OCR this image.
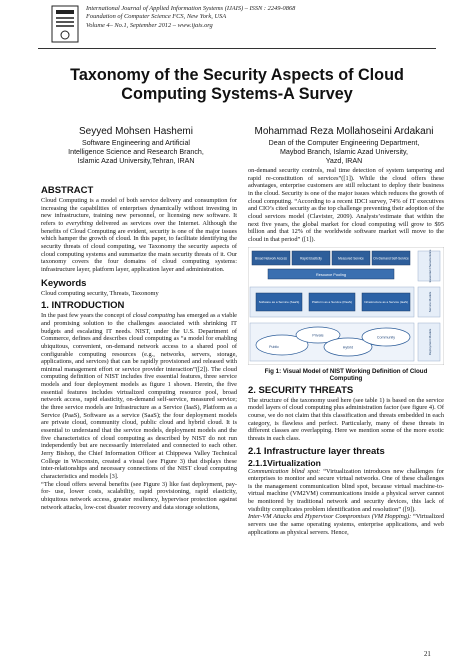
International Journal of Applied Information Systems (IJAIS) – ISSN : 2249-0868
Foundation of Computer Science FCS, New York, USA
Volume 4– No.1, September 2012 – www.ijais.org
Taxonomy of the Security Aspects of Cloud
Computing Systems-A Survey
Seyyed Mohsen Hashemi
Software Engineering and Artificial
Intelligence Science and Research Branch,
Islamic Azad University,Tehran, IRAN
Mohammad Reza Mollahoseini Ardakani
Dean of the Computer Engineering Department,
Maybod Branch, Islamic Azad University,
Yazd, IRAN
ABSTRACT

Cloud Computing is a model of both service delivery and consumption for increasing the capabilities of enterprises dynamically without investing in new infrastructure, training new personnel, or licensing new software. It refers to everything delivered as services over the Internet. Although the benefits of Cloud Computing are evident, security is one of the major issues which hamper the growth of cloud. In this paper, to facilitate identifying the security threats of cloud computing, we Taxonomy the security aspects of cloud computing systems and summarize the main security threats of it. Our taxonomy covers the four domains of cloud computing systems: infrastructure layer, platform layer, application layer and administration.

Keywords

Cloud computing security, Threats, Taxonomy

1. INTRODUCTION

In the past few years the concept of cloud computing has emerged as a viable and promising solution to the challenges associated with shrinking IT budgets and escalating IT needs. NIST, under the U.S. Department of Commerce, defines and describes cloud computing as “a model for enabling ubiquitous, convenient, on-demand network access to a shared pool of configurable computing resources (e.g., networks, servers, storage, applications, and services) that can be rapidly provisioned and released with minimal management effort or service provider interaction”([2]). The cloud computing definition of NIST includes five essential features, three service models and four deployment models as figure 1 shown. Herein, the five essential features includes virtualized computing resource pool, broad network access, rapid elasticity, on-demand self-service, measured service; the three service models are Infrastructure as a Service (IaaS), Platform as a Service (PaaS), Software as a service (SaaS); the four deployment models are private cloud, community cloud, public cloud and hybrid cloud. It is essential to understand that the service models, deployment models and the five characteristics of cloud computing as described by NIST do not run independently but are necessarily interrelated and connected to each other. Jerry Bishop, the Chief Information Officer at Chippewa Valley Technical College in Wisconsin, created a visual (see Figure 3) that displays these inter-relationships and necessary connections of the NIST cloud computing characteristics and models [3].

“The cloud offers several benefits (see Figure 3) like fast deployment, pay-for- use, lower costs, scalability, rapid provisioning, rapid elasticity, ubiquitous network access, greater resiliency, hypervisor protection against network attacks, low-cost disaster recovery and data storage solutions,

on-demand security controls, real time detection of system tampering and rapid re-constitution of services”([1]). While the cloud offers these advantages, enterprise customers are still reluctant to deploy their business in the cloud. Security is one of the major issues which reduces the growth of cloud computing. “According to a recent IDCI survey, 74% of IT executives and CIO’s cited security as the top challenge preventing their adoption of the cloud services model (Clavister, 2009). Analysts’estimate that within the next five years, the global market for cloud computing will grow to $95 billion and that 12% of the worldwide software market will move to the cloud in that period” ([1]).

Broad Network Access	Rapid Elasticity	Measured Service	On-Demand Self-Service
Resource Pooling
Software as a Service (SaaS)	Platform as a Service (PaaS)	Infrastructure as a Service (IaaS)
Public
Private
Hybrid
Community
Essential Characteristics
Service Models
Deployment Models
Fig 1: Visual Model of NIST Working Definition of Cloud Computing
2. SECURITY THREATS

The structure of the taxonomy used here (see table 1) is based on the service model layers of cloud computing plus administration factor (see figure 4). Of course, we do not claim that this classification and threats embedded in each category, is flawless and perfect. Particularly, many of these threats in different classes are overlapping. Here we mention some of the more exotic threats in each class.

2.1 Infrastructure layer threats
2.1.1Virtualization

Communication blind spot: “Virtualization introduces new challenges for enterprises to monitor and secure virtual networks. One of these challenges is the management communication blind spot, because virtual machine-to-virtual machine (VM2VM) communications inside a physical server cannot be monitored by traditional network and security devices, this lack of visibility complicates problem identification and resolution” ([9]).

Inter-VM Attacks and Hypervisor Compromises (VM Hopping): “Virtualized servers use the same operating systems, enterprise applications, and web applications as physical servers. Hence,

21
